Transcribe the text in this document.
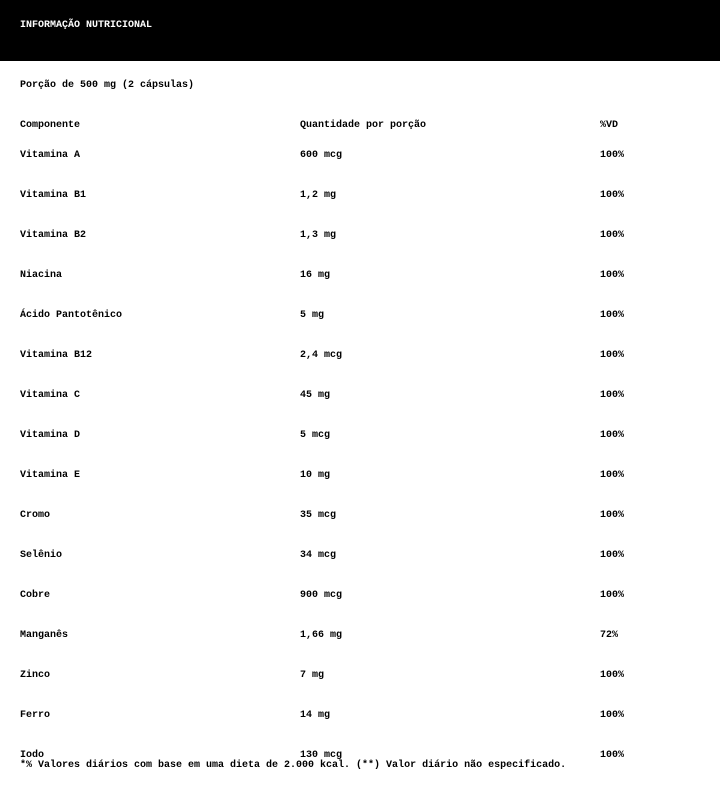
INFORMAÇÃO NUTRICIONAL
Porção de 500 mg (2 cápsulas)
Componente	Quantidade por porção	%VD
Vitamina A	600 mcg	100%
Vitamina B1	1,2 mg	100%
Vitamina B2	1,3 mg	100%
Niacina	16 mg	100%
Ácido Pantotênico	5 mg	100%
Vitamina B12	2,4 mcg	100%
Vitamina C	45 mg	100%
Vitamina D	5 mcg	100%
Vitamina E	10 mg	100%
Cromo	35 mcg	100%
Selênio	34 mcg	100%
Cobre	900 mcg	100%
Manganês	1,66 mg	72%
Zinco	7 mg	100%
Ferro	14 mg	100%
Iodo	130 mcg	100%
*% Valores diários com base em uma dieta de 2.000 kcal. (**) Valor diário não especificado.
